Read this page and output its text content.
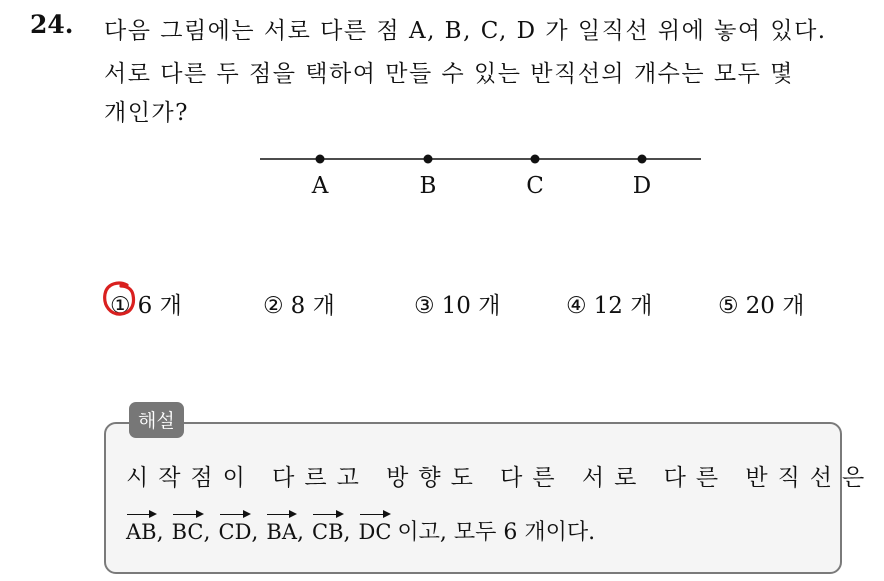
24. 다음 그림에는 서로 다른 점 A, B, C, D 가 일직선 위에 놓여 있다.
서로 다른 두 점을 택하여 만들 수 있는 반직선의 개수는 모두 몇
개인가?
A	B	C	D
① 6 개	② 8 개	③ 10 개	④ 12 개	⑤ 20 개
해설
시작점이 다르고 방향도 다른 서로 다른 반직선은
AB, BC, CD, BA, CB, DC 이고, 모두 6 개이다.
